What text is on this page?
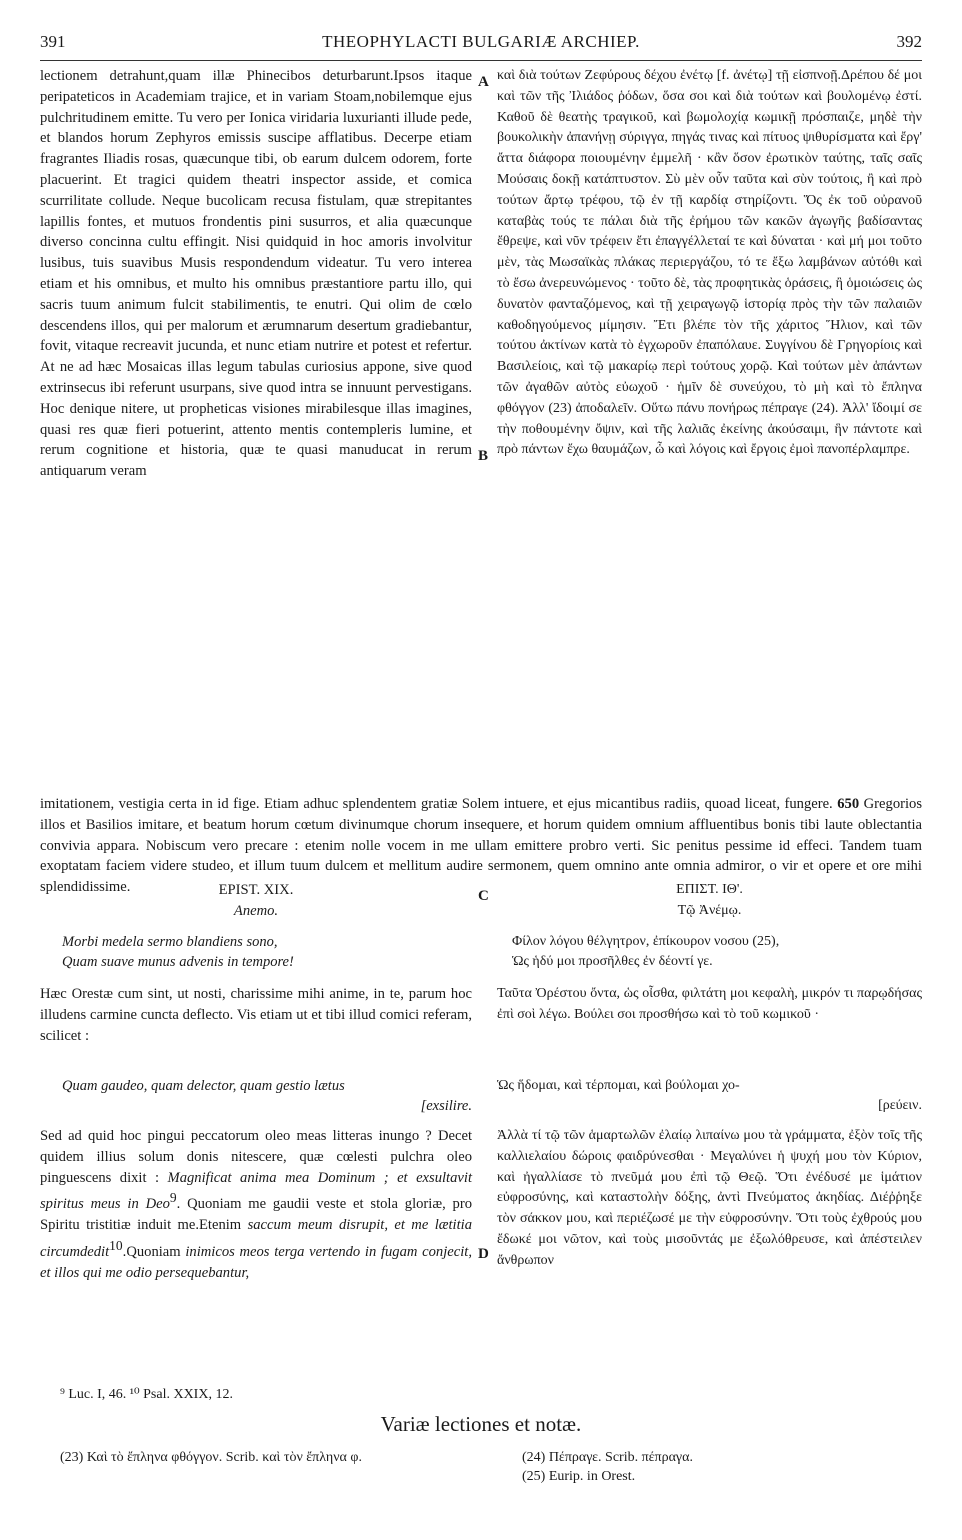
391	THEOPHYLACTI BULGARIÆ ARCHIEP.	392
A
B
C
D

lectionem detrahunt,quam illæ Phinecibos deturbarunt.Ipsos itaque peripateticos in Academiam trajice, et in variam Stoam,nobilemque ejus pulchritudinem emitte. Tu vero per Ionica viridaria luxurianti illude pede, et blandos horum Zephyros emissis suscipe afflatibus. Decerpe etiam fragrantes Iliadis rosas, quæcunque tibi, ob earum dulcem odorem, forte placuerint. Et tragici quidem theatri inspector asside, et comica scurrilitate collude. Neque bucolicam recusa fistulam, quæ strepitantes lapillis fontes, et mutuos frondentis pini susurros, et alia quæcunque diverso concinna cultu effingit. Nisi quidquid in hoc amoris involvitur lusibus, tuis suavibus Musis respondendum videatur. Tu vero interea etiam et his omnibus, et multo his omnibus præstantiore partu illo, qui sacris tuum animum fulcit stabilimentis, te enutri. Qui olim de cœlo descendens illos, qui per malorum et ærumnarum desertum gradiebantur, fovit, vitaque recreavit jucunda, et nunc etiam nutrire et potest et refertur. At ne ad hæc Mosaicas illas legum tabulas curiosius appone, sive quod extrinsecus ibi referunt usurpans, sive quod intra se innuunt pervestigans. Hoc denique nitere, ut propheticas visiones mirabilesque illas imagines, quasi res quæ fieri potuerint, attento mentis contempleris lumine, et rerum cognitione et historia, quæ te quasi manuducat in rerum antiquarum veram

καὶ διὰ τούτων Ζεφύρους δέχου ἐνέτῳ [f. ἀνέτῳ] τῇ εἰσπνοῇ.Δρέπου δέ μοι καὶ τῶν τῆς Ἰλιάδος ῥόδων, ὅσα σοι καὶ διὰ τούτων καὶ βουλομένῳ ἐστί. Καθοῦ δὲ θεατὴς τραγικοῦ, καὶ βωμολοχίᾳ κωμικῇ πρόσπαιζε, μηδὲ τὴν βουκολικὴν ἀπανήνῃ σύριγγα, πηγάς τινας καὶ πίτυος ψιθυρίσματα καὶ ἔργ' ἄττα διάφορα ποιουμένην ἐμμελῆ · κἂν ὅσον ἐρωτικὸν ταύτης, ταῖς σαῖς Μούσαις δοκῇ κατάπτυστον. Σὺ μὲν οὖν ταῦτα καὶ σὺν τούτοις, ἢ καὶ πρὸ τούτων ἄρτῳ τρέφου, τῷ ἐν τῇ καρδίᾳ στηρίζοντι. Ὅς ἐκ τοῦ οὐρανοῦ καταβὰς τούς τε πάλαι διὰ τῆς ἐρήμου τῶν κακῶν ἀγωγῆς βαδίσαντας ἔθρεψε, καὶ νῦν τρέφειν ἔτι ἐπαγγέλλεταί τε καὶ δύναται · καὶ μή μοι τοῦτο μὲν, τὰς Μωσαϊκὰς πλάκας περιεργάζου, τό τε ἔξω λαμβάνων αὐτόθι καὶ τὸ ἔσω ἀνερευνώμενος · τοῦτο δὲ, τὰς προφητικὰς ὁράσεις, ἢ ὁμοιώσεις ὡς δυνατὸν φανταζόμενος, καὶ τῇ χειραγωγῷ ἱστορίᾳ πρὸς τὴν τῶν παλαιῶν καθοδηγούμενος μίμησιν. Ἔτι βλέπε τὸν τῆς χάριτος Ἥλιον, καὶ τῶν τούτου ἀκτίνων κατὰ τὸ ἐγχωροῦν ἐπαπόλαυε. Συγγίνου δὲ Γρηγορίοις καὶ Βασιλείοις, καὶ τῷ μακαρίῳ περὶ τούτους χορῷ. Καὶ τούτων μὲν ἁπάντων τῶν ἀγαθῶν αὐτὸς εὐωχοῦ · ἡμῖν δὲ συνεύχου, τὸ μὴ καὶ τὸ ἔπληνα φθόγγον (23) ἀποδαλεῖν. Οὕτω πάνυ πονήρως πέπραγε (24). Ἀλλ' ἴδοιμί σε τὴν ποθουμένην ὄψιν, καὶ τῆς λαλιᾶς ἐκείνης ἀκούσαιμι, ἣν πάντοτε καὶ πρὸ πάντων ἔχω θαυμάζων, ὦ καὶ λόγοις καὶ ἔργοις ἐμοὶ πανοπέρλαμπρε.

imitationem, vestigia certa in id fige. Etiam adhuc splendentem gratiæ Solem intuere, et ejus micantibus radiis, quoad liceat, fungere. 650 Gregorios illos et Basilios imitare, et beatum horum cœtum divinumque chorum insequere, et horum quidem omnium affluentibus bonis tibi laute oblectantia convivia appara. Nobiscum vero precare : etenim nolle vocem in me ullam emittere probro verti. Sic penitus pessime id effeci. Tandem tuam exoptatam faciem videre studeo, et illum tuum dulcem et mellitum audire sermonem, quem omnino ante omnia admiror, o vir et opere et ore mihi splendidissime.	EPIST. XIX.
Anemo.
Morbi medela sermo blandiens sono,
Quam suave munus advenis in tempore!

Hæc Orestæ cum sint, ut nosti, charissime mihi anime, in te, parum hoc illudens carmine cuncta deflecto. Vis etiam ut et tibi illud comici referam, scilicet :

Quam gaudeo, quam delector, quam gestio lætus
[exsilire.

Sed ad quid hoc pingui peccatorum oleo meas litteras inungo ? Decet quidem illius solum donis nitescere, quæ cœlesti pulchra oleo pinguescens dixit : Magnificat anima mea Dominum ; et exsultavit spiritus meus in Deo$^9$. Quoniam me gaudii veste et stola gloriæ, pro Spiritu tristitiæ induit me.Etenim saccum meum disrupit, et me lætitia circumdedit$^{10}$.Quoniam inimicos meos terga vertendo in fugam conjecit, et illos qui me odio persequebantur,

ΕΠΙΣΤ. ΙΘ'.
Τῷ Ἀνέμῳ.
Φίλον λόγου θέλγητρον, ἐπίκουρον νοσου (25),
Ὡς ἡδύ μοι προσῆλθες ἐν δέοντί γε.

Ταῦτα Ὀρέστου ὄντα, ὡς οἶσθα, φιλτάτη μοι κεφαλὴ, μικρόν τι παρῳδήσας ἐπὶ σοὶ λέγω. Βούλει σοι προσθήσω καὶ τὸ τοῦ κωμικοῦ ·

Ὡς ἥδομαι, καὶ τέρπομαι, καὶ βούλομαι χο-
[ρεύειν.

Ἀλλὰ τί τῷ τῶν ἁμαρτωλῶν ἐλαίῳ λιπαίνω μου τὰ γράμματα, ἐξὸν τοῖς τῆς καλλιελαίου δώροις φαιδρύνεσθαι · Μεγαλύνει ἡ ψυχή μου τὸν Κύριον, καὶ ἠγαλλίασε τὸ πνεῦμά μου ἐπὶ τῷ Θεῷ. Ὅτι ἐνέδυσέ με ἱμάτιον εὐφροσύνης, καὶ καταστολὴν δόξης, ἀντὶ Πνεύματος ἀκηδίας. Διέῤῥηξε τὸν σάκκον μου, καὶ περιέζωσέ με τὴν εὐφροσύνην. Ὅτι τοὺς ἐχθρούς μου ἔδωκέ μοι νῶτον, καὶ τοὺς μισοῦντάς με ἐξωλόθρευσε, καὶ ἀπέστειλεν ἄνθρωπον

⁹ Luc. I, 46. ¹⁰ Psal. XXIX, 12.
Variæ lectiones et notæ.
(23) Καὶ τὸ ἔπληνα φθόγγον. Scrib. καὶ τὸν ἔπληνα φ.	(24) Πέπραγε. Scrib. πέπραγα.
(25) Eurip. in Orest.
